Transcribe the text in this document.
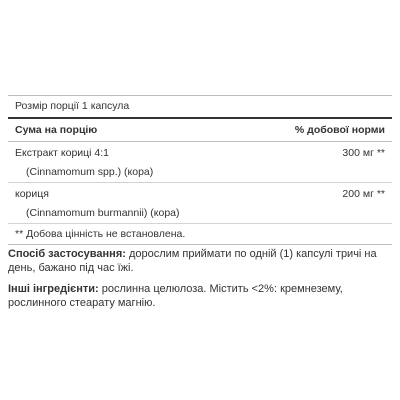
Розмір порції 1 капсула
Сума на порцію	% добової норми
Екстракт кориці 4:1	300 мг **
(Cinnamomum spp.) (кора)
кориця	200 мг **
(Cinnamomum burmannii) (кора)
** Добова цінність не встановлена.
Спосіб застосування: дорослим приймати по одній (1) капсулі тричі на день, бажано під час їжі.
Інші інгредієнти: рослинна целюлоза. Містить <2%: кремнезему, рослинного стеарату магнію.
